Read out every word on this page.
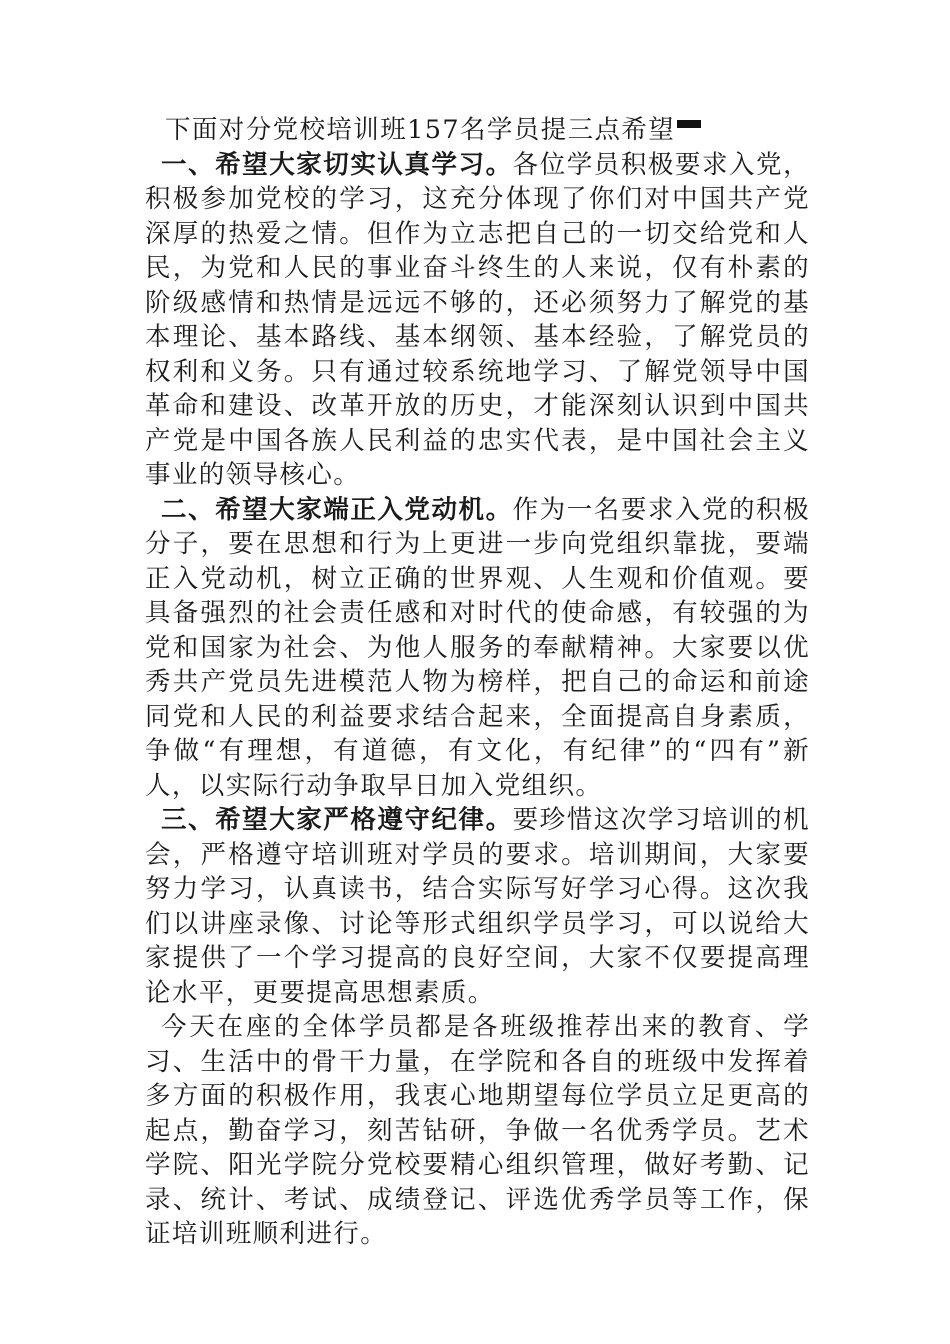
下面对分党校培训班157名学员提三点希望

一、希望大家切实认真学习。各位学员积极要求入党，积极参加党校的学习，这充分体现了你们对中国共产党深厚的热爱之情。但作为立志把自己的一切交给党和人民，为党和人民的事业奋斗终生的人来说，仅有朴素的阶级感情和热情是远远不够的，还必须努力了解党的基本理论、基本路线、基本纲领、基本经验，了解党员的权利和义务。只有通过较系统地学习、了解党领导中国革命和建设、改革开放的历史，才能深刻认识到中国共产党是中国各族人民利益的忠实代表，是中国社会主义事业的领导核心。

二、希望大家端正入党动机。作为一名要求入党的积极分子，要在思想和行为上更进一步向党组织靠拢，要端正入党动机，树立正确的世界观、人生观和价值观。要具备强烈的社会责任感和对时代的使命感，有较强的为党和国家为社会、为他人服务的奉献精神。大家要以优秀共产党员先进模范人物为榜样，把自己的命运和前途同党和人民的利益要求结合起来，全面提高自身素质，争做“有理想，有道德，有文化，有纪律”的“四有”新人，以实际行动争取早日加入党组织。

三、希望大家严格遵守纪律。要珍惜这次学习培训的机会，严格遵守培训班对学员的要求。培训期间，大家要努力学习，认真读书，结合实际写好学习心得。这次我们以讲座录像、讨论等形式组织学员学习，可以说给大家提供了一个学习提高的良好空间，大家不仅要提高理论水平，更要提高思想素质。

今天在座的全体学员都是各班级推荐出来的教育、学习、生活中的骨干力量，在学院和各自的班级中发挥着多方面的积极作用，我衷心地期望每位学员立足更高的起点，勤奋学习，刻苦钻研，争做一名优秀学员。艺术学院、阳光学院分党校要精心组织管理，做好考勤、记录、统计、考试、成绩登记、评选优秀学员等工作，保证培训班顺利进行。
